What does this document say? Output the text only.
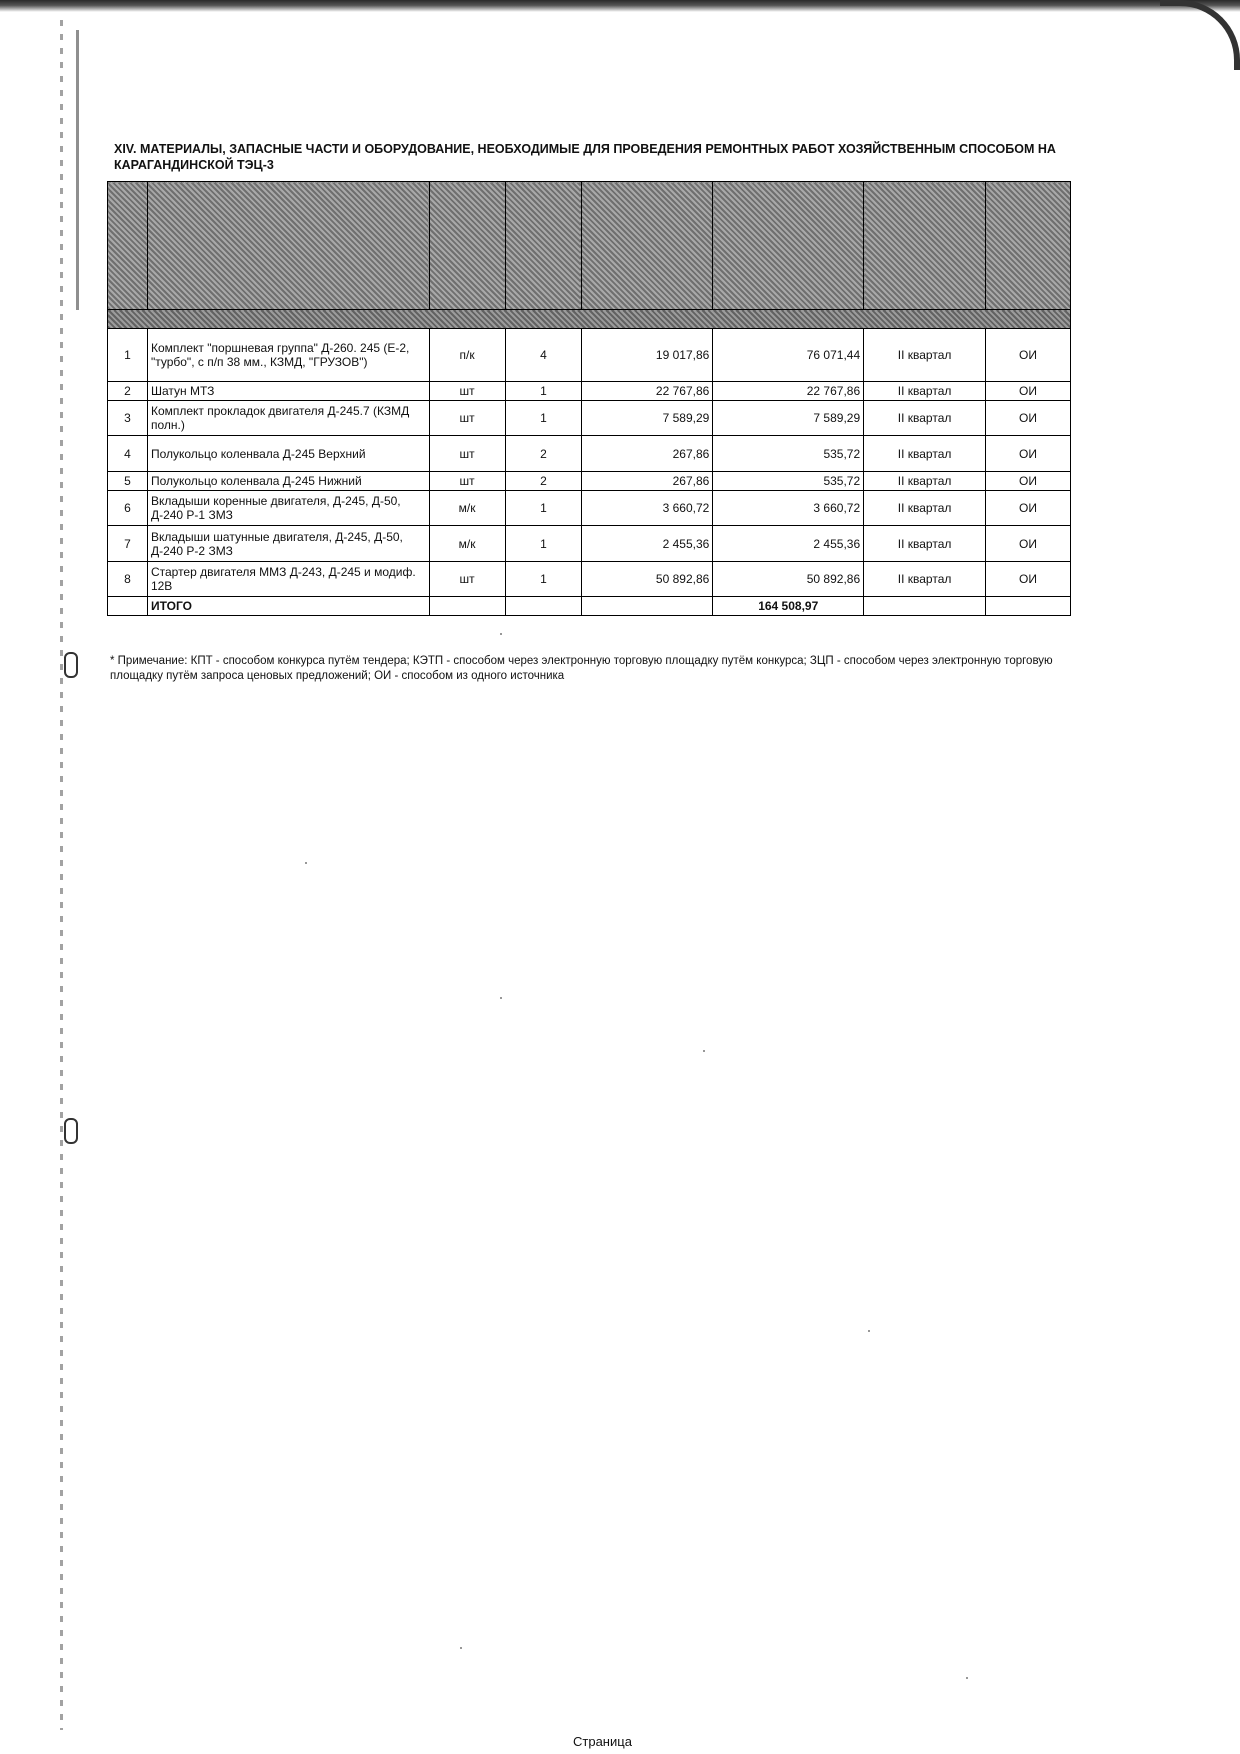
XIV. МАТЕРИАЛЫ, ЗАПАСНЫЕ ЧАСТИ И ОБОРУДОВАНИЕ, НЕОБХОДИМЫЕ ДЛЯ ПРОВЕДЕНИЯ РЕМОНТНЫХ РАБОТ ХОЗЯЙСТВЕННЫМ СПОСОБОМ НА КАРАГАНДИНСКОЙ ТЭЦ-3

1	Комплект "поршневая группа" Д-260. 245 (Е-2, "турбо", с п/п 38 мм., КЗМД, "ГРУЗОВ")	п/к	4	19 017,86	76 071,44	II квартал	ОИ
2	Шатун МТЗ	шт	1	22 767,86	22 767,86	II квартал	ОИ
3	Комплект прокладок двигателя Д-245.7 (КЗМД полн.)	шт	1	7 589,29	7 589,29	II квартал	ОИ
4	Полукольцо коленвала Д-245 Верхний	шт	2	267,86	535,72	II квартал	ОИ
5	Полукольцо коленвала Д-245 Нижний	шт	2	267,86	535,72	II квартал	ОИ
6	Вкладыши коренные двигателя, Д-245, Д-50, Д-240 Р-1 ЗМЗ	м/к	1	3 660,72	3 660,72	II квартал	ОИ
7	Вкладыши шатунные двигателя, Д-245, Д-50, Д-240 Р-2 ЗМЗ	м/к	1	2 455,36	2 455,36	II квартал	ОИ
8	Стартер двигателя ММЗ Д-243, Д-245 и модиф. 12В	шт	1	50 892,86	50 892,86	II квартал	ОИ
	ИТОГО				164 508,97		
* Примечание: КПТ - способом конкурса путём тендера; КЭТП - способом через электронную торговую площадку путём конкурса; ЗЦП - способом через электронную торговую площадку путём запроса ценовых предложений; ОИ - способом из одного источника
Страница
